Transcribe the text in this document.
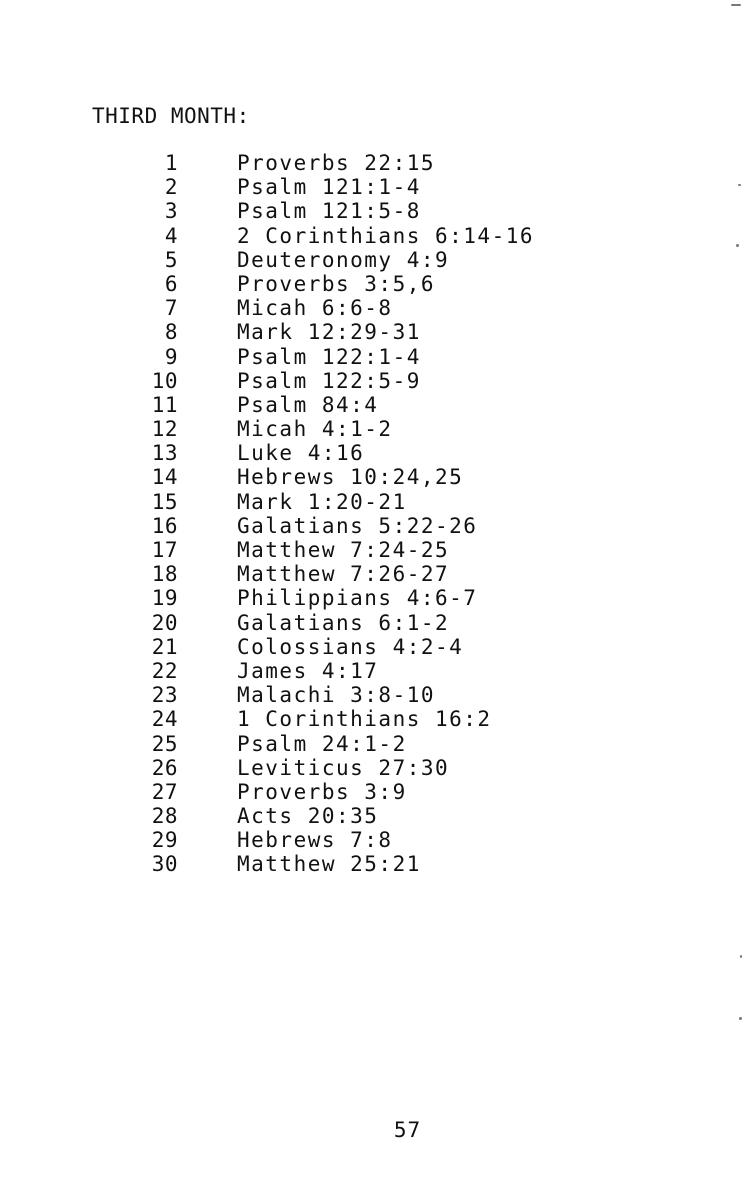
THIRD MONTH:
1	Proverbs 22:15
2	Psalm 121:1-4
3	Psalm 121:5-8
4	2 Corinthians 6:14-16
5	Deuteronomy 4:9
6	Proverbs 3:5,6
7	Micah 6:6-8
8	Mark 12:29-31
9	Psalm 122:1-4
10	Psalm 122:5-9
11	Psalm 84:4
12	Micah 4:1-2
13	Luke 4:16
14	Hebrews 10:24,25
15	Mark 1:20-21
16	Galatians 5:22-26
17	Matthew 7:24-25
18	Matthew 7:26-27
19	Philippians 4:6-7
20	Galatians 6:1-2
21	Colossians 4:2-4
22	James 4:17
23	Malachi 3:8-10
24	1 Corinthians 16:2
25	Psalm 24:1-2
26	Leviticus 27:30
27	Proverbs 3:9
28	Acts 20:35
29	Hebrews 7:8
30	Matthew 25:21
57
